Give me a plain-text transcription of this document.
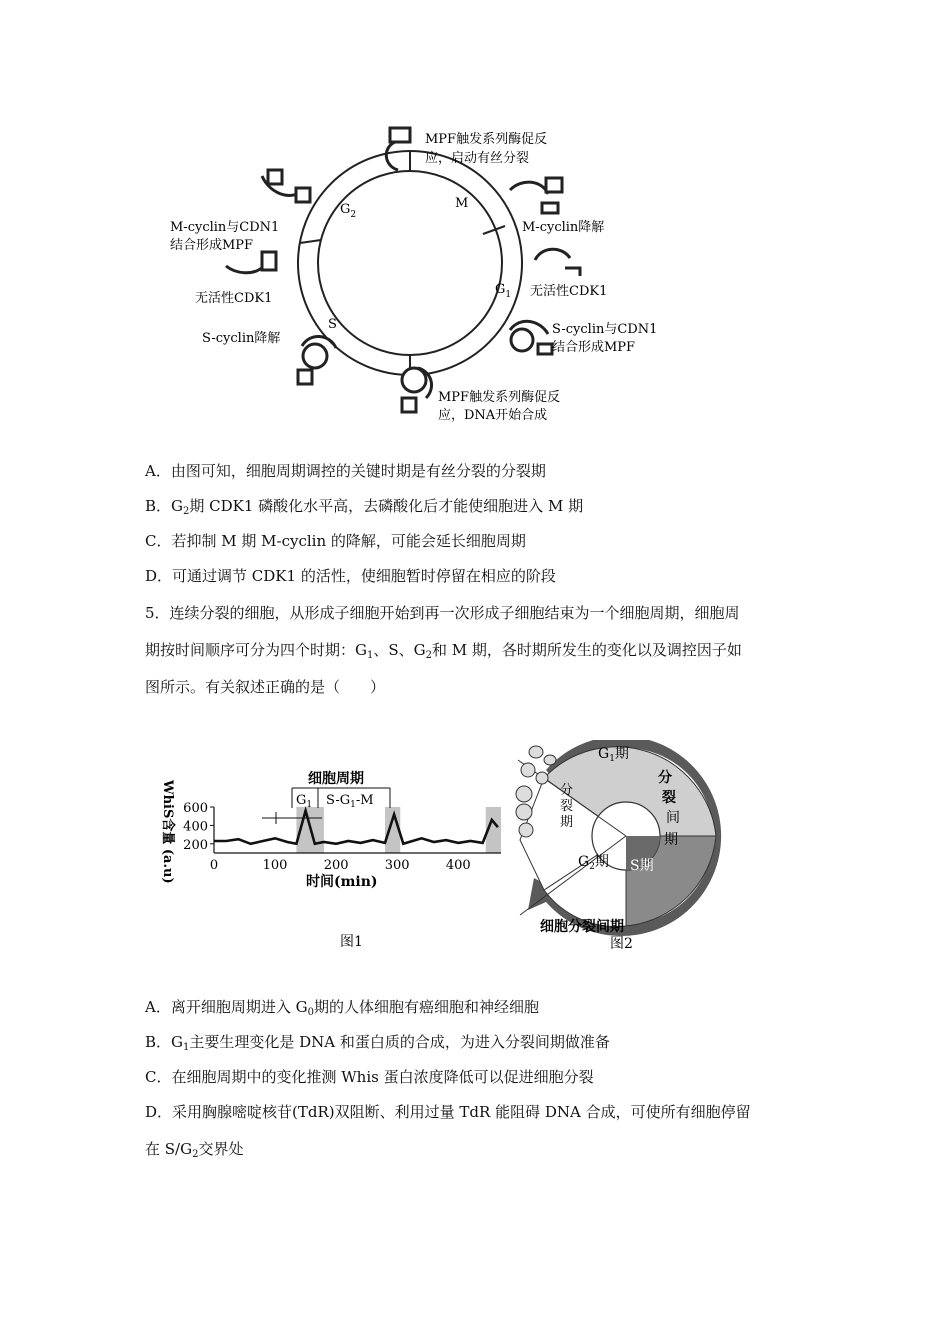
$G_2$
M
$G_1$
S
MPF触发系列酶促反
应，启动有丝分裂
M-cyclin降解
无活性CDK1
S-cyclin与CDN1
结合形成MPF
MPF触发系列酶促反
应，DNA开始合成
S-cyclin降解
无活性CDK1
M-cyclin与CDN1
结合形成MPF
A．由图可知，细胞周期调控的关键时期是有丝分裂的分裂期
B．$G_2$期 CDK1 磷酸化水平高，去磷酸化后才能使细胞进入 M 期
C．若抑制 M 期 M-cyclin 的降解，可能会延长细胞周期
D．可通过调节 CDK1 的活性，使细胞暂时停留在相应的阶段
5．连续分裂的细胞，从形成子细胞开始到再一次形成子细胞结束为一个细胞周期，细胞周
期按时间顺序可分为四个时期：$G_1$、S、$G_2$和 M 期，各时期所发生的变化以及调控因子如
图所示。有关叙述正确的是（　　）
600
400
200
0	100	200	300	400
WhiS含量 (a.u)	时间(min)
细胞周期
$G_1$ $S-G_1-M$
图1
$G_1$期
$G_2$期 S期
分
裂
期
分
裂
间
期
细胞分裂间期
图2
A．离开细胞周期进入 $G_0$期的人体细胞有癌细胞和神经细胞
B．$G_1$主要生理变化是 DNA 和蛋白质的合成，为进入分裂间期做准备
C．在细胞周期中的变化推测 Whis 蛋白浓度降低可以促进细胞分裂
D．采用胸腺嘧啶核苷(TdR)双阻断、利用过量 TdR 能阻碍 DNA 合成，可使所有细胞停留
在 $S/G_2$交界处
